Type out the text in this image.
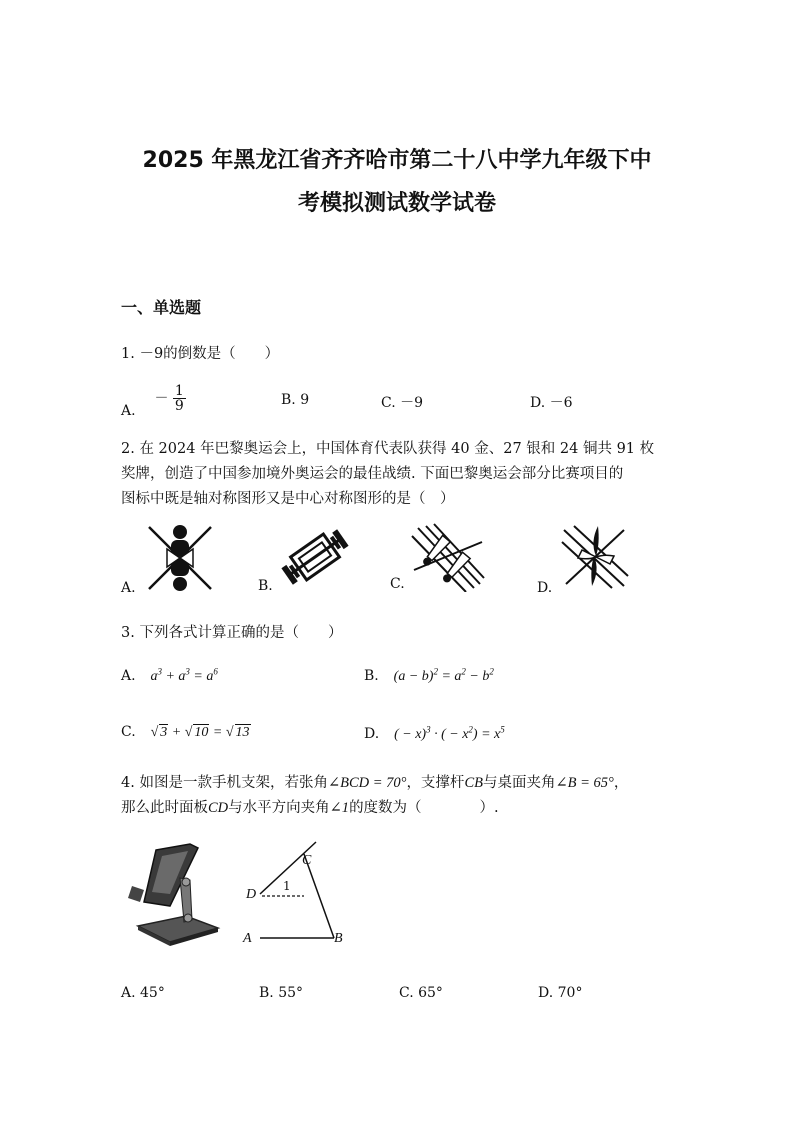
2025 年黑龙江省齐齐哈市第二十八中学九年级下中
考模拟测试数学试卷
一、单选题
1. －9的倒数是（　　）
A.  － $\frac{1}{9}$	B. 9	C. －9	D. －6
2. 在 2024 年巴黎奥运会上，中国体育代表队获得 40 金、27 银和 24 铜共 91 枚
奖牌，创造了中国参加境外奥运会的最佳战绩. 下面巴黎奥运会部分比赛项目的
图标中既是轴对称图形又是中心对称图形的是（　）
A.	B.	C.	D.
3. 下列各式计算正确的是（　　）
A. $a^3 + a^3 = a^6$	B. $(a - b)^2 = a^2 - b^2$
C. √ 3 + √ 10 = √ 13	D. ( − x)$^3$ · ( − $x^2) = x^5$
4. 如图是一款手机支架，若张角∠BCD = 70°，支撑杆CB与桌面夹角∠B = 65°，
那么此时面板CD与水平方向夹角∠1的度数为（　　　　）.
C
D
1
A	B
A. 45°	B. 55°	C. 65°	D. 70°
